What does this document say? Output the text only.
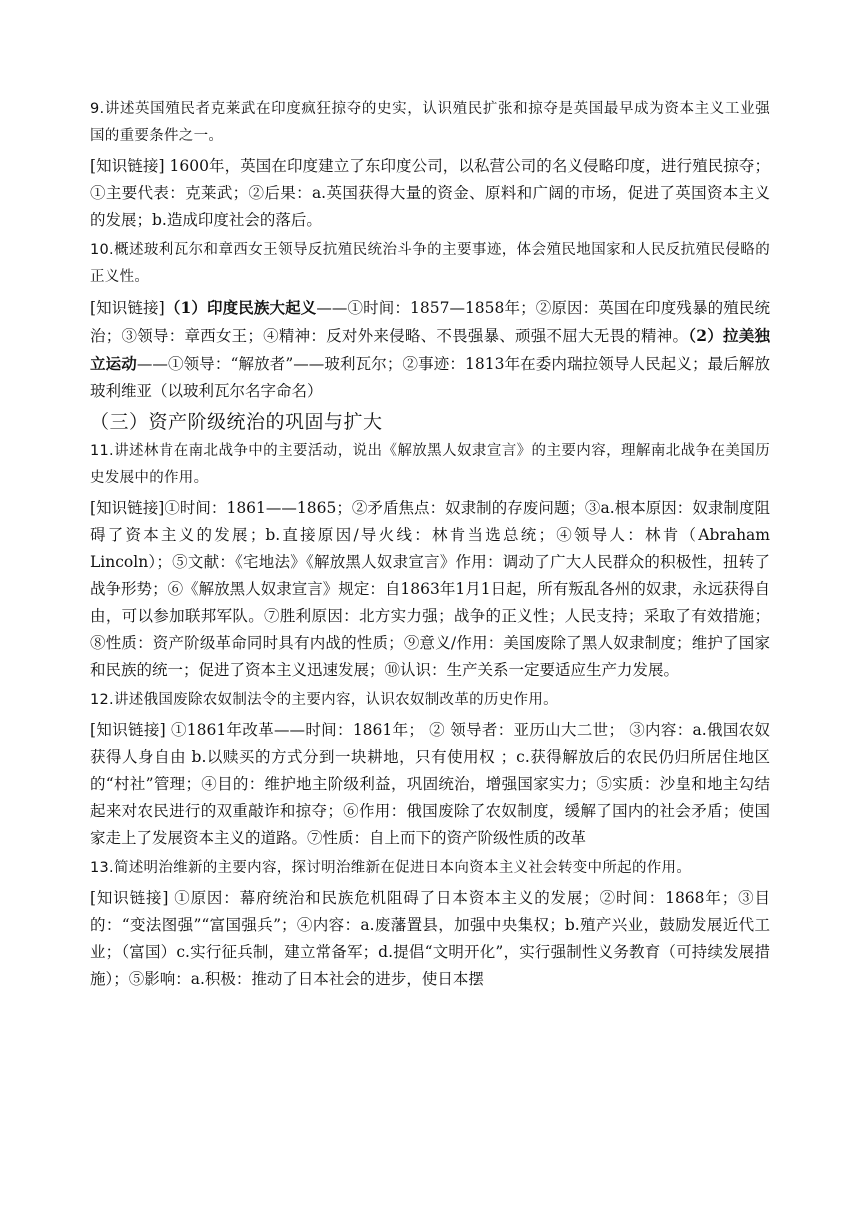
9.讲述英国殖民者克莱武在印度疯狂掠夺的史实，认识殖民扩张和掠夺是英国最早成为资本主义工业强国的重要条件之一。

[知识链接] 1600年，英国在印度建立了东印度公司，以私营公司的名义侵略印度，进行殖民掠夺；①主要代表：克莱武；②后果：a.英国获得大量的资金、原料和广阔的市场，促进了英国资本主义的发展；b.造成印度社会的落后。

10.概述玻利瓦尔和章西女王领导反抗殖民统治斗争的主要事迹，体会殖民地国家和人民反抗殖民侵略的正义性。

[知识链接]（1）印度民族大起义——①时间：1857—1858年；②原因：英国在印度残暴的殖民统治；③领导：章西女王；④精神：反对外来侵略、不畏强暴、顽强不屈大无畏的精神。（2）拉美独立运动——①领导：“解放者”——玻利瓦尔；②事迹：1813年在委内瑞拉领导人民起义；最后解放玻利维亚（以玻利瓦尔名字命名）

（三）资产阶级统治的巩固与扩大

11.讲述林肯在南北战争中的主要活动，说出《解放黑人奴隶宣言》的主要内容，理解南北战争在美国历史发展中的作用。

[知识链接]①时间：1861——1865；②矛盾焦点：奴隶制的存废问题；③a.根本原因：奴隶制度阻碍了资本主义的发展；b.直接原因/导火线：林肯当选总统；④领导人：林肯（Abraham Lincoln）；⑤文献：《宅地法》《解放黑人奴隶宣言》作用：调动了广大人民群众的积极性，扭转了战争形势；⑥《解放黑人奴隶宣言》规定：自1863年1月1日起，所有叛乱各州的奴隶，永远获得自由，可以参加联邦军队。⑦胜利原因：北方实力强；战争的正义性；人民支持；采取了有效措施；⑧性质：资产阶级革命同时具有内战的性质；⑨意义/作用：美国废除了黑人奴隶制度；维护了国家和民族的统一；促进了资本主义迅速发展；⑩认识：生产关系一定要适应生产力发展。

12.讲述俄国废除农奴制法令的主要内容，认识农奴制改革的历史作用。

[知识链接] ①1861年改革——时间：1861年； ② 领导者：亚历山大二世； ③内容：a.俄国农奴获得人身自由 b.以赎买的方式分到一块耕地，只有使用权 ；c.获得解放后的农民仍归所居住地区的“村社”管理；④目的：维护地主阶级利益，巩固统治，增强国家实力；⑤实质：沙皇和地主勾结起来对农民进行的双重敲诈和掠夺；⑥作用：俄国废除了农奴制度，缓解了国内的社会矛盾；使国家走上了发展资本主义的道路。⑦性质：自上而下的资产阶级性质的改革

13.简述明治维新的主要内容，探讨明治维新在促进日本向资本主义社会转变中所起的作用。

[知识链接] ①原因：幕府统治和民族危机阻碍了日本资本主义的发展；②时间：1868年；③目的：“变法图强”“富国强兵”；④内容：a.废藩置县，加强中央集权；b.殖产兴业，鼓励发展近代工业；（富国）c.实行征兵制，建立常备军；d.提倡“文明开化”，实行强制性义务教育（可持续发展措施）；⑤影响：a.积极：推动了日本社会的进步，使日本摆
